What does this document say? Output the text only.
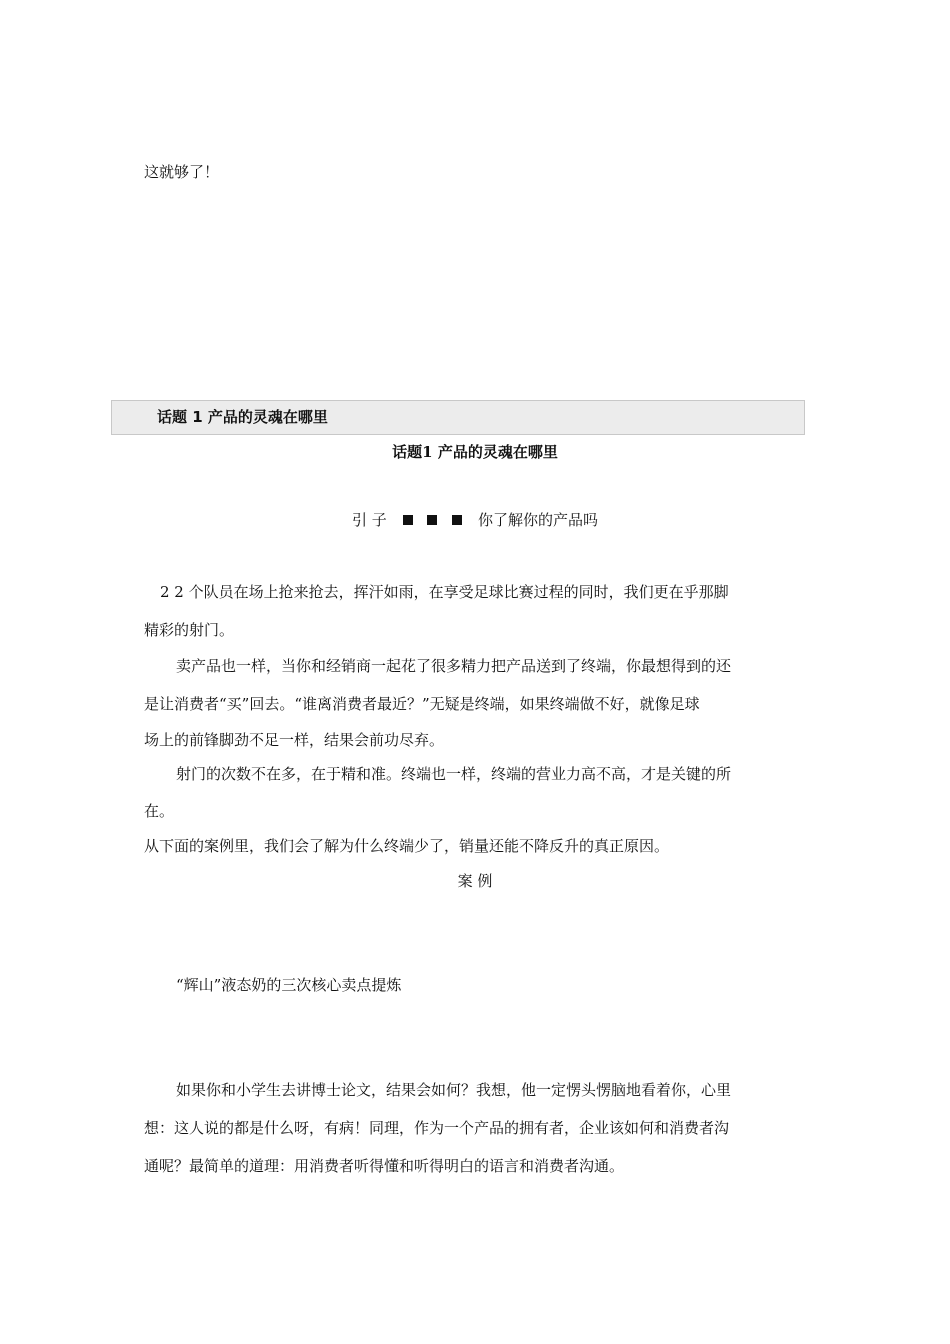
这就够了！
话题 1 产品的灵魂在哪里
话题1 产品的灵魂在哪里
引 子	你了解你的产品吗
2 2 个队员在场上抢来抢去，挥汗如雨，在享受足球比赛过程的同时，我们更在乎那脚
精彩的射门。
卖产品也一样，当你和经销商一起花了很多精力把产品送到了终端，你最想得到的还
是让消费者“买”回去。“谁离消费者最近？”无疑是终端，如果终端做不好，就像足球
场上的前锋脚劲不足一样，结果会前功尽弃。
射门的次数不在多，在于精和准。终端也一样，终端的营业力高不高，才是关键的所
在。
从下面的案例里，我们会了解为什么终端少了，销量还能不降反升的真正原因。
案 例
“辉山”液态奶的三次核心卖点提炼
如果你和小学生去讲博士论文，结果会如何？我想，他一定愣头愣脑地看着你，心里
想：这人说的都是什么呀，有病！同理，作为一个产品的拥有者，企业该如何和消费者沟
通呢？最简单的道理：用消费者听得懂和听得明白的语言和消费者沟通。
